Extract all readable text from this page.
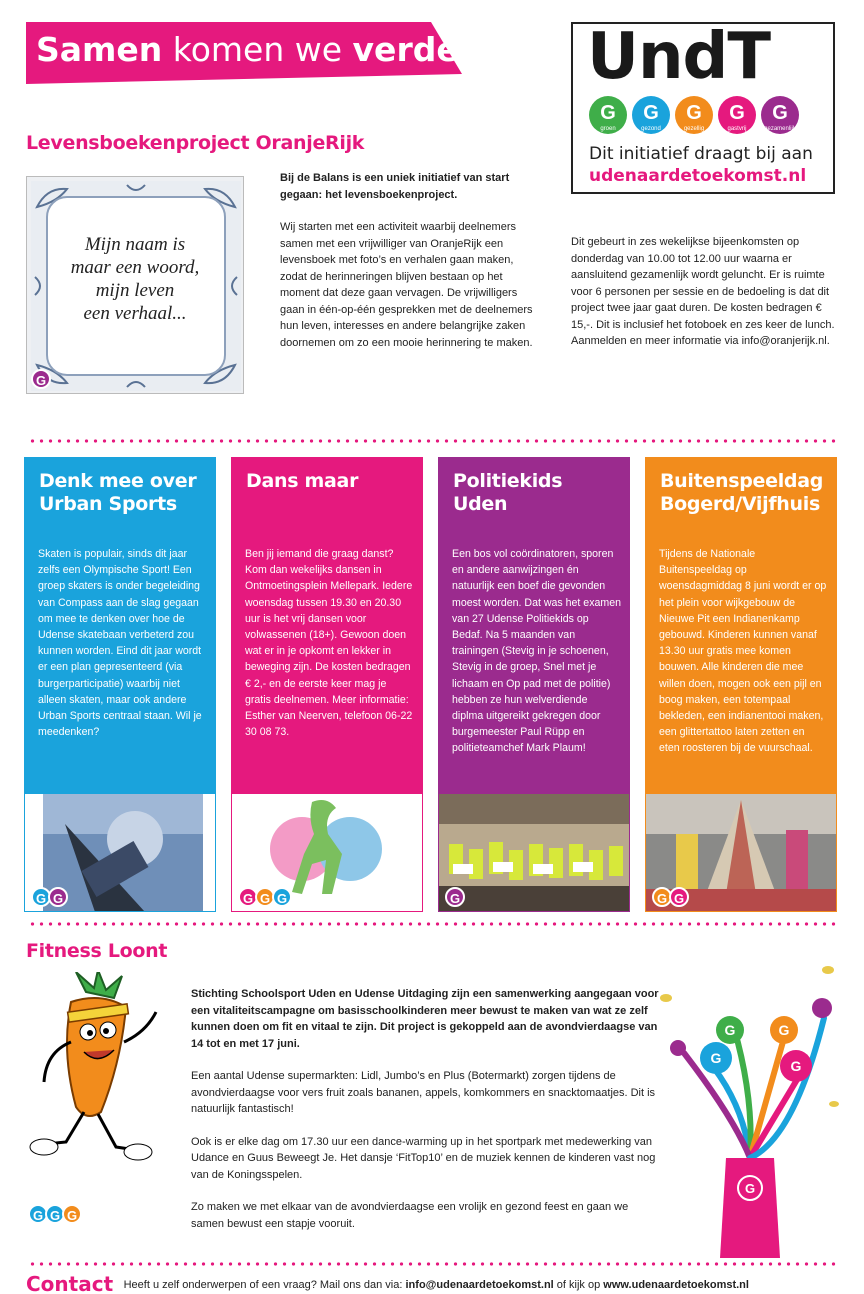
Samen komen we verder UndT
G
groen
G
gezond
G
gezellig
G
gastvrij
G
gezamenlijk
Dit initiatief draagt bij aan
udenaardetoekomst.nl
Levensboekenproject OranjeRijk
Mijn naam is
maar een woord,
mijn leven
een verhaal...
G

Bij de Balans is een uniek initiatief van start gegaan: het levensboekenproject.

Wij starten met een activiteit waarbij deelnemers samen met een vrijwilliger van OranjeRijk een levensboek met foto’s en verhalen gaan maken, zodat de herinneringen blijven bestaan op het moment dat deze gaan vervagen. De vrijwilligers gaan in één-op-één gesprekken met de deelnemers hun leven, interesses en andere belangrijke zaken doornemen om zo een mooie herinnering te maken.

Dit gebeurt in zes wekelijkse bijeenkomsten op donderdag van 10.00 tot 12.00 uur waarna er aansluitend gezamenlijk wordt geluncht. Er is ruimte voor 6 personen per sessie en de bedoeling is dat dit project twee jaar gaat duren. De kosten bedragen € 15,-. Dit is inclusief het fotoboek en zes keer de lunch. Aanmelden en meer informatie via info@oranjerijk.nl.

Denk mee over Urban Sports
Skaten is populair, sinds dit jaar zelfs een Olympische Sport! Een groep skaters is onder begeleiding van Compass aan de slag gegaan om mee te denken over hoe de Udense skatebaan verbeterd zou kunnen worden. Eind dit jaar wordt er een plan gepresenteerd (via burgerparticipatie) waarbij niet alleen skaten, maar ook andere Urban Sports centraal staan. Wil je meedenken?
G G
Dans maar
Ben jij iemand die graag danst? Kom dan wekelijks dansen in Ontmoetingsplein Mellepark. Iedere woensdag tussen 19.30 en 20.30 uur is het vrij dansen voor volwassenen (18+). Gewoon doen wat er in je opkomt en lekker in beweging zijn. De kosten bedragen € 2,- en de eerste keer mag je gratis deelnemen. Meer informatie: Esther van Neerven, telefoon 06-22 30 08 73.
G G G
Politiekids Uden
Een bos vol coördinatoren, sporen en andere aanwijzingen én natuurlijk een boef die gevonden moest worden. Dat was het examen van 27 Udense Politiekids op Bedaf. Na 5 maanden van trainingen (Stevig in je schoenen, Stevig in de groep, Snel met je lichaam en Op pad met de politie) hebben ze hun welverdiende diplma uitgereikt gekregen door burgemeester Paul Rüpp en politieteamchef Mark Plaum!
G
Buitenspeeldag Bogerd/Vijfhuis
Tijdens de Nationale Buitenspeeldag op woensdagmiddag 8 juni wordt er op het plein voor wijkgebouw de Nieuwe Pit een Indianenkamp gebouwd. Kinderen kunnen vanaf 13.30 uur gratis mee komen bouwen. Alle kinderen die mee willen doen, mogen ook een pijl en boog maken, een totempaal bekleden, een indianentooi maken, een glittertattoo laten zetten en eten roosteren bij de vuurschaal.
G G
Fitness Loont
G G G

Stichting Schoolsport Uden en Udense Uitdaging zijn een samenwerking aangegaan voor een vitaliteitscampagne om basisschoolkinderen meer bewust te maken van wat ze zelf kunnen doen om fit en vitaal te zijn. Dit project is gekoppeld aan de avondvierdaagse van 14 tot en met 17 juni.

Een aantal Udense supermarkten: Lidl, Jumbo’s en Plus (Botermarkt) zorgen tijdens de avondvierdaagse voor vers fruit zoals bananen, appels, komkommers en snacktomaatjes. Dit is natuurlijk fantastisch!

Ook is er elke dag om 17.30 uur een dance-warming up in het sportpark met medewerking van Udance en Guus Beweegt Je. Het dansje ‘FitTop10’ en de muziek kennen de kinderen vast nog van de Koningsspelen.

Zo maken we met elkaar van de avondvierdaagse een vrolijk en gezond feest en gaan we samen bewust een stapje vooruit.

G
G
G
G
G
Contact Heeft u zelf onderwerpen of een vraag? Mail ons dan via: info@udenaardetoekomst.nl of kijk op www.udenaardetoekomst.nl
